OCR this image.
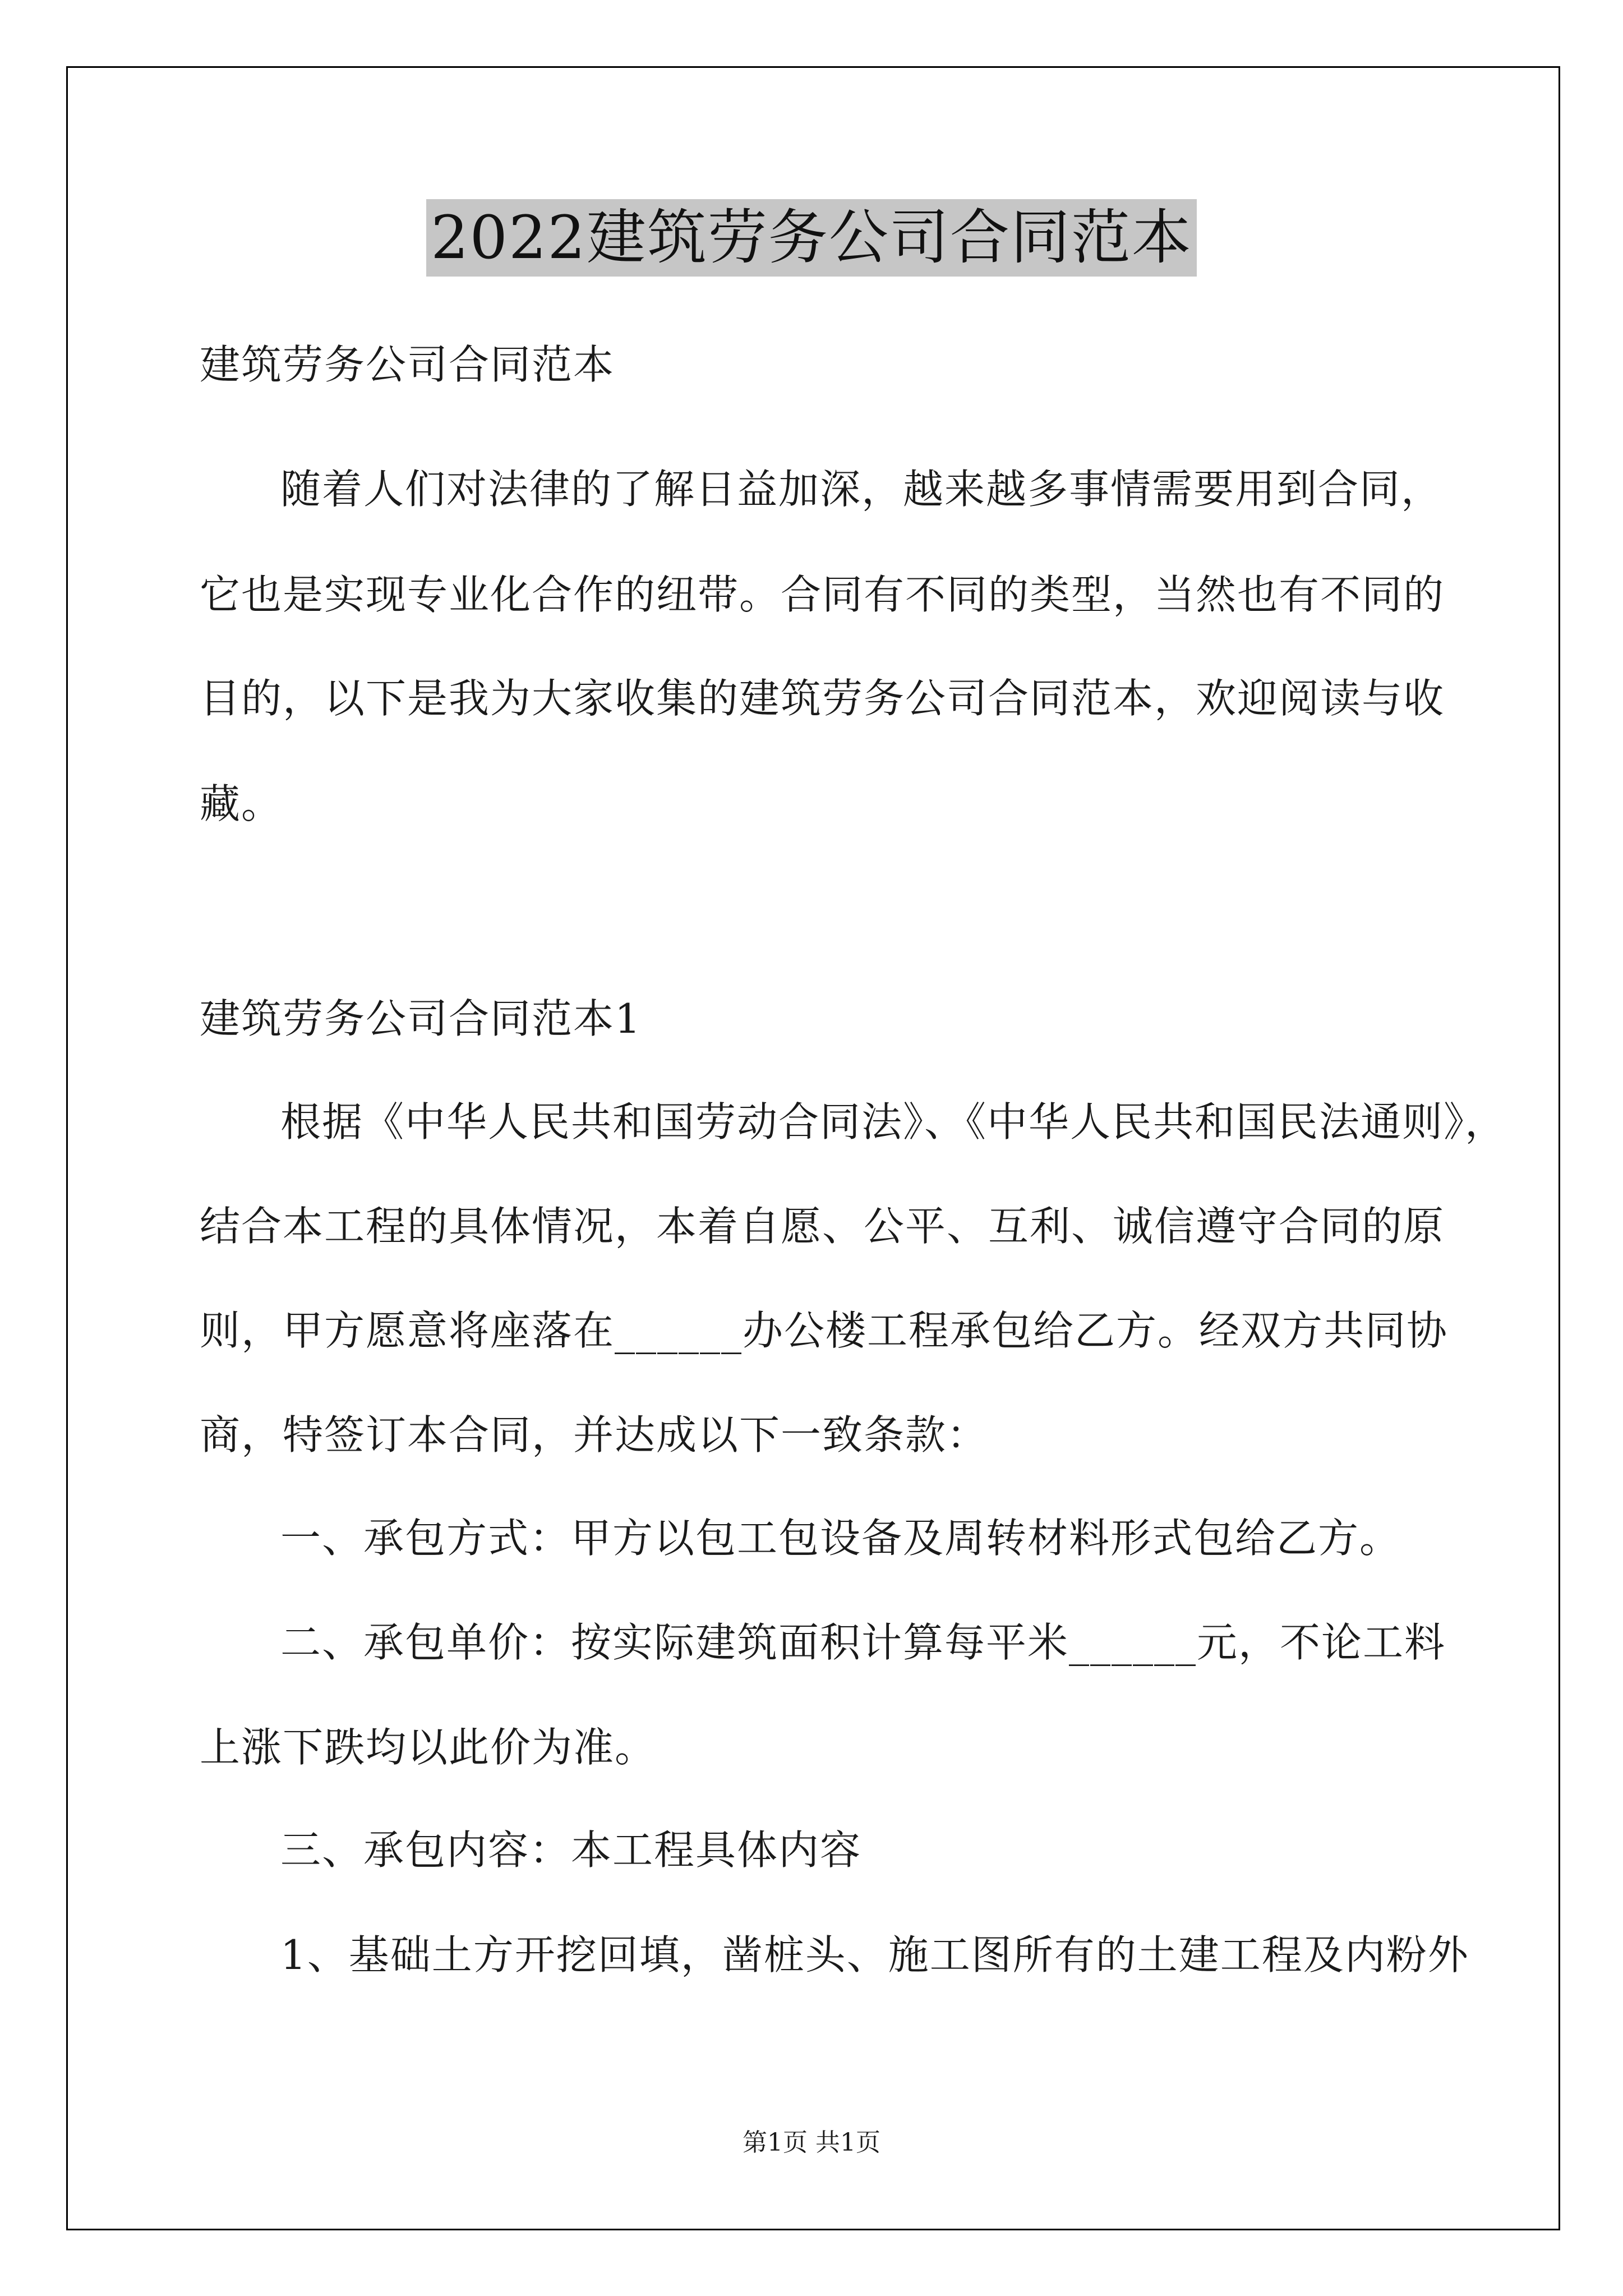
2022建筑劳务公司合同范本
建筑劳务公司合同范本
随着人们对法律的了解日益加深，越来越多事情需要用到合同，
它也是实现专业化合作的纽带。合同有不同的类型，当然也有不同的
目的，以下是我为大家收集的建筑劳务公司合同范本，欢迎阅读与收
藏。
建筑劳务公司合同范本1
根据《中华人民共和国劳动合同法》、《中华人民共和国民法通则》，
结合本工程的具体情况，本着自愿、公平、互利、诚信遵守合同的原
则，甲方愿意将座落在______办公楼工程承包给乙方。经双方共同协
商，特签订本合同，并达成以下一致条款：
一、承包方式：甲方以包工包设备及周转材料形式包给乙方。
二、承包单价：按实际建筑面积计算每平米______元，不论工料
上涨下跌均以此价为准。
三、承包内容：本工程具体内容
1、基础土方开挖回填，凿桩头、施工图所有的土建工程及内粉外
第1页 共1页
